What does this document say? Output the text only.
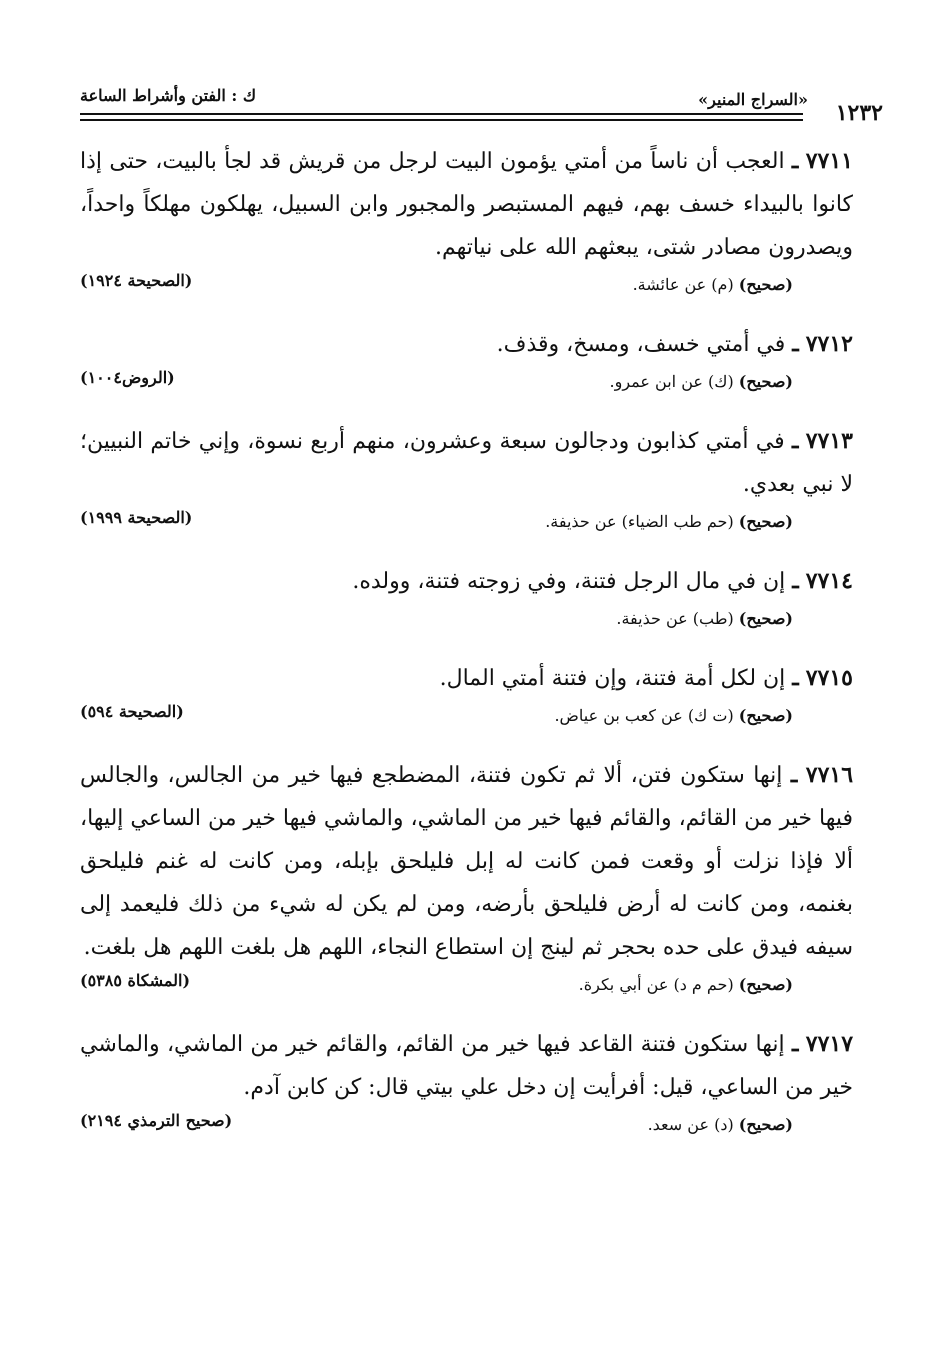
١٢٣٢
«السراج المنير»
ك : الفتن وأشراط الساعة
٧٧١١ ـ العجب أن ناساً من أمتي يؤمون البيت لرجل من قريش قد لجأ بالبيت، حتى إذا كانوا بالبيداء خسف بهم، فيهم المستبصر والمجبور وابن السبيل، يهلكون مهلكاً واحداً، ويصدرون مصادر شتى، يبعثهم الله على نياتهم.
(صحيح) (م) عن عائشة.
(الصحيحة ١٩٢٤)
٧٧١٢ ـ في أمتي خسف، ومسخ، وقذف.
(صحيح) (ك) عن ابن عمرو.
(الروض١٠٠٤)
٧٧١٣ ـ في أمتي كذابون ودجالون سبعة وعشرون، منهم أربع نسوة، وإني خاتم النبيين؛ لا نبي بعدي.
(صحيح) (حم طب الضياء) عن حذيفة.
(الصحيحة ١٩٩٩)
٧٧١٤ ـ إن في مال الرجل فتنة، وفي زوجته فتنة، وولده.
(صحيح) (طب) عن حذيفة.
٧٧١٥ ـ إن لكل أمة فتنة، وإن فتنة أمتي المال.
(صحيح) (ت ك) عن كعب بن عياض.
(الصحيحة ٥٩٤)
٧٧١٦ ـ إنها ستكون فتن، ألا ثم تكون فتنة، المضطجع فيها خير من الجالس، والجالس فيها خير من القائم، والقائم فيها خير من الماشي، والماشي فيها خير من الساعي إليها، ألا فإذا نزلت أو وقعت فمن كانت له إبل فليلحق بإبله، ومن كانت له غنم فليلحق بغنمه، ومن كانت له أرض فليلحق بأرضه، ومن لم يكن له شيء من ذلك فليعمد إلى سيفه فيدق على حده بحجر ثم لينج إن استطاع النجاء، اللهم هل بلغت اللهم هل بلغت.
(صحيح) (حم م د) عن أبي بكرة.
(المشكاة ٥٣٨٥)
٧٧١٧ ـ إنها ستكون فتنة القاعد فيها خير من القائم، والقائم خير من الماشي، والماشي خير من الساعي، قيل: أفرأيت إن دخل علي بيتي قال: كن كابن آدم.
(صحيح) (د) عن سعد.
(صحيح الترمذي ٢١٩٤)
